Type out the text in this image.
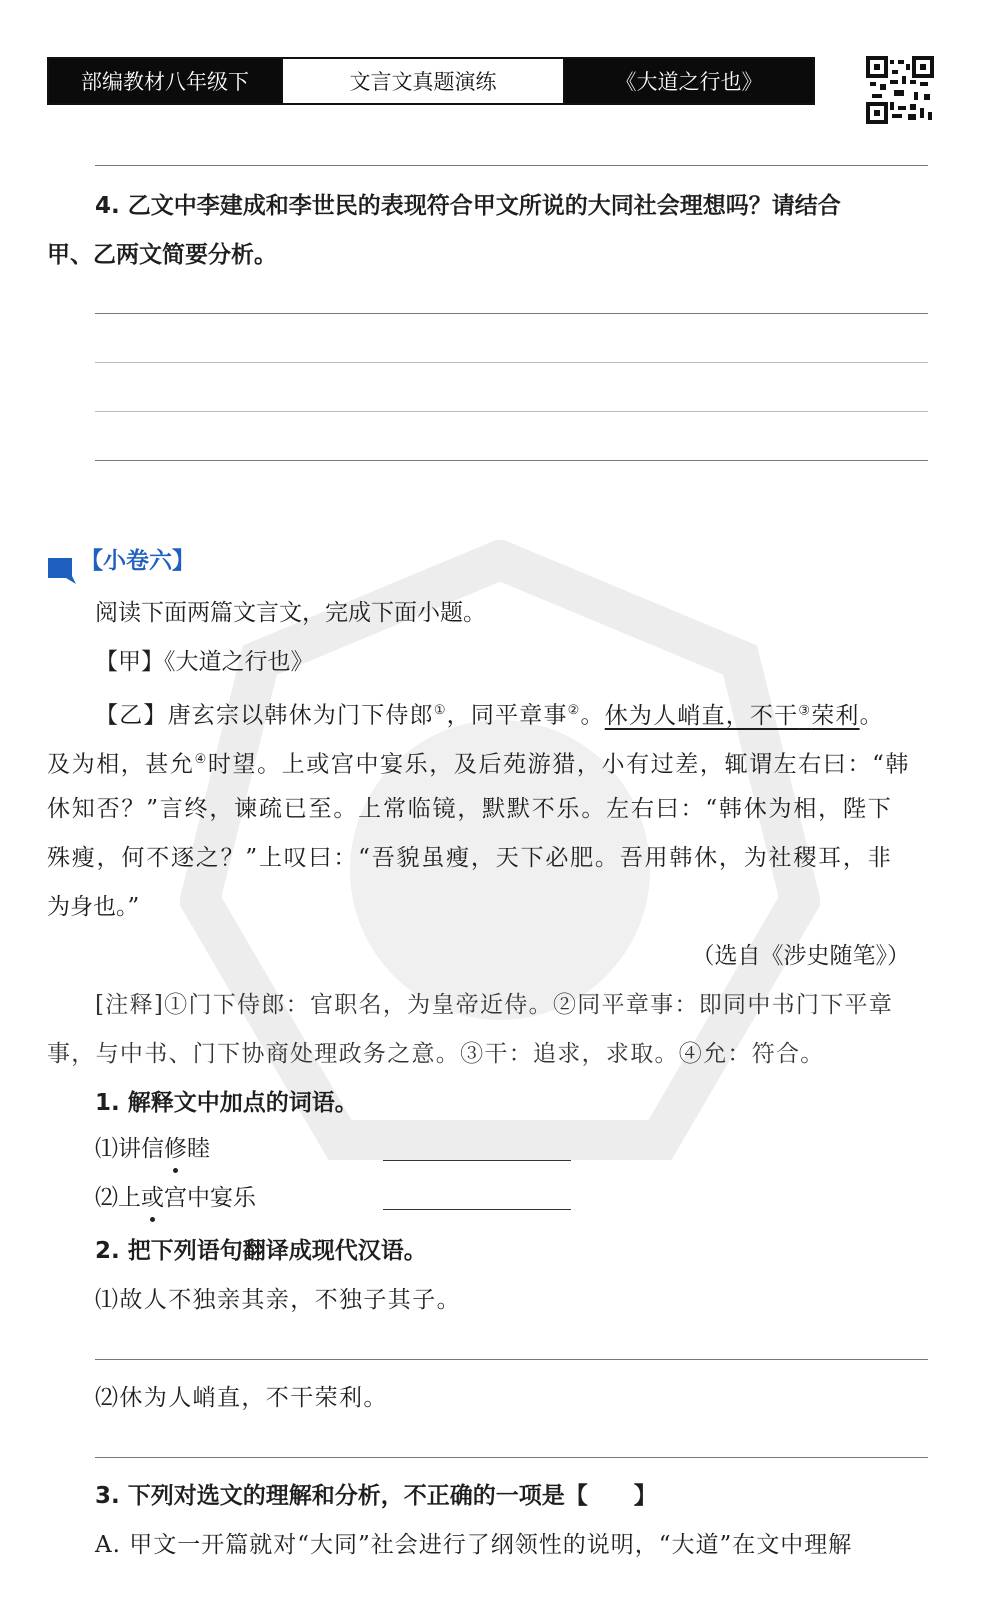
部编教材八年级下	文言文真题演练	《大道之行也》
4. 乙文中李建成和李世民的表现符合甲文所说的大同社会理想吗？请结合
甲、乙两文简要分析。
【小卷六】
阅读下面两篇文言文，完成下面小题。
【甲】《大道之行也》
【乙】唐玄宗以韩休为门下侍郎①，同平章事②。休为人峭直，不干③荣利。
及为相，甚允④时望。上或宫中宴乐，及后苑游猎，小有过差，辄谓左右曰：“韩
休知否？”言终，谏疏已至。上常临镜，默默不乐。左右曰：“韩休为相，陛下
殊瘦，何不逐之？”上叹曰：“吾貌虽瘦，天下必肥。吾用韩休，为社稷耳，非
为身也。”
（选自《涉史随笔》）
[注释]①门下侍郎：官职名，为皇帝近侍。②同平章事：即同中书门下平章
事，与中书、门下协商处理政务之意。③干：追求，求取。④允：符合。
1. 解释文中加点的词语。
⑴讲信修睦
⑵上或宫中宴乐
2. 把下列语句翻译成现代汉语。
⑴故人不独亲其亲，不独子其子。
⑵休为人峭直，不干荣利。
3. 下列对选文的理解和分析，不正确的一项是【　　】
A. 甲文一开篇就对“大同”社会进行了纲领性的说明，“大道”在文中理解
